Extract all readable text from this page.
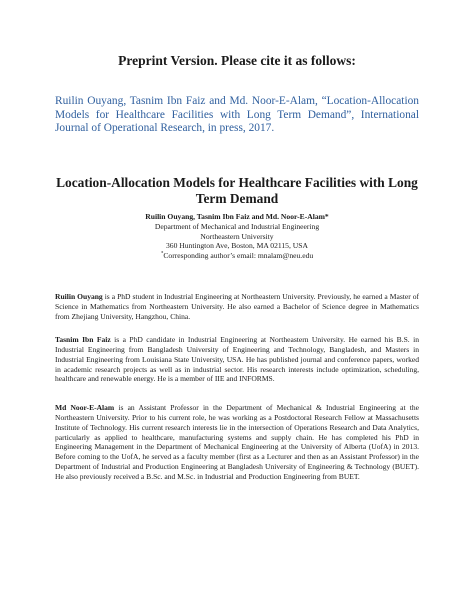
Preprint Version. Please cite it as follows:
Ruilin Ouyang, Tasnim Ibn Faiz and Md. Noor-E-Alam, “Location-Allocation Models for Healthcare Facilities with Long Term Demand”, International Journal of Operational Research, in press, 2017.
Location-Allocation Models for Healthcare Facilities with Long Term Demand
Ruilin Ouyang, Tasnim Ibn Faiz and Md. Noor-E-Alam*
Department of Mechanical and Industrial Engineering
Northeastern University
360 Huntington Ave, Boston, MA 02115, USA
*Corresponding author’s email: mnalam@neu.edu

Ruilin Ouyang is a PhD student in Industrial Engineering at Northeastern University. Previously, he earned a Master of Science in Mathematics from Northeastern University. He also earned a Bachelor of Science degree in Mathematics from Zhejiang University, Hangzhou, China.

Tasnim Ibn Faiz is a PhD candidate in Industrial Engineering at Northeastern University. He earned his B.S. in Industrial Engineering from Bangladesh University of Engineering and Technology, Bangladesh, and Masters in Industrial Engineering from Louisiana State University, USA. He has published journal and conference papers, worked in academic research projects as well as in industrial sector. His research interests include optimization, scheduling, healthcare and renewable energy. He is a member of IIE and INFORMS.

Md Noor-E-Alam is an Assistant Professor in the Department of Mechanical & Industrial Engineering at the Northeastern University. Prior to his current role, he was working as a Postdoctoral Research Fellow at Massachusetts Institute of Technology. His current research interests lie in the intersection of Operations Research and Data Analytics, particularly as applied to healthcare, manufacturing systems and supply chain. He has completed his PhD in Engineering Management in the Department of Mechanical Engineering at the University of Alberta (UofA) in 2013. Before coming to the UofA, he served as a faculty member (first as a Lecturer and then as an Assistant Professor) in the Department of Industrial and Production Engineering at Bangladesh University of Engineering & Technology (BUET). He also previously received a B.Sc. and M.Sc. in Industrial and Production Engineering from BUET.
